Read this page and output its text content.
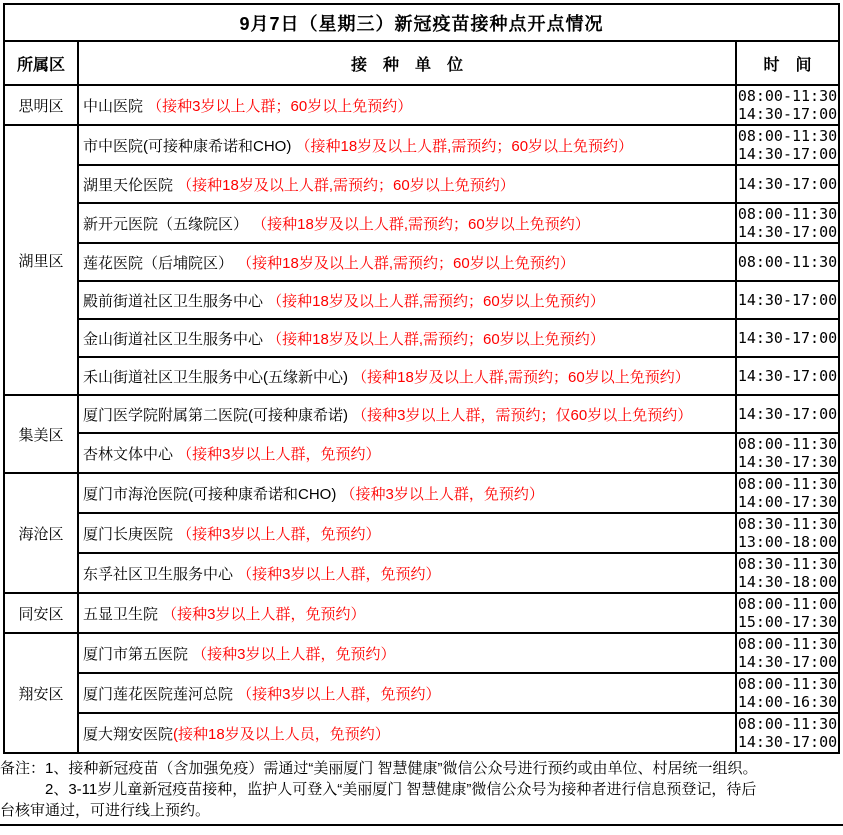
9月7日（星期三）新冠疫苗接种点开点情况		
所属区	接　种　单　位	时　间
思明区	中山医院 （接种3岁以上人群；60岁以上免预约）	08:00-11:30
14:30-17:00

湖里区	市中医院(可接种康希诺和CHO) （接种18岁及以上人群,需预约；60岁以上免预约）	08:00-11:30
14:30-17:00

	湖里天伦医院 （接种18岁及以上人群,需预约；60岁以上免预约）	14:30-17:00

	新开元医院（五缘院区） （接种18岁及以上人群,需预约；60岁以上免预约）	08:00-11:30
14:30-17:00

	莲花医院（后埔院区） （接种18岁及以上人群,需预约；60岁以上免预约）	08:00-11:30

	殿前街道社区卫生服务中心 （接种18岁及以上人群,需预约；60岁以上免预约）	14:30-17:00

	金山街道社区卫生服务中心 （接种18岁及以上人群,需预约；60岁以上免预约）	14:30-17:00

	禾山街道社区卫生服务中心(五缘新中心) （接种18岁及以上人群,需预约；60岁以上免预约）	14:30-17:00

集美区	厦门医学院附属第二医院(可接种康希诺) （接种3岁以上人群，需预约；仅60岁以上免预约）	14:30-17:00

	杏林文体中心 （接种3岁以上人群，免预约）	08:00-11:30
14:30-17:30

海沧区	厦门市海沧医院(可接种康希诺和CHO) （接种3岁以上人群，免预约）	08:00-11:30
14:00-17:30

	厦门长庚医院 （接种3岁以上人群，免预约）	08:30-11:30
13:00-18:00

	东孚社区卫生服务中心 （接种3岁以上人群，免预约）	08:30-11:30
14:30-18:00

同安区	五显卫生院 （接种3岁以上人群，免预约）	08:00-11:00
15:00-17:30

翔安区	厦门市第五医院 （接种3岁以上人群，免预约）	08:00-11:30
14:30-17:00

	厦门莲花医院莲河总院 （接种3岁以上人群，免预约）	08:00-11:30
14:00-16:30

	厦大翔安医院(接种18岁及以上人员，免预约）	08:00-11:30
14:30-17:00
备注：1、接种新冠疫苗（含加强免疫）需通过“美丽厦门 智慧健康”微信公众号进行预约或由单位、村居统一组织。
　　　2、3-11岁儿童新冠疫苗接种，监护人可登入“美丽厦门 智慧健康”微信公众号为接种者进行信息预登记，待后
台核审通过，可进行线上预约。
